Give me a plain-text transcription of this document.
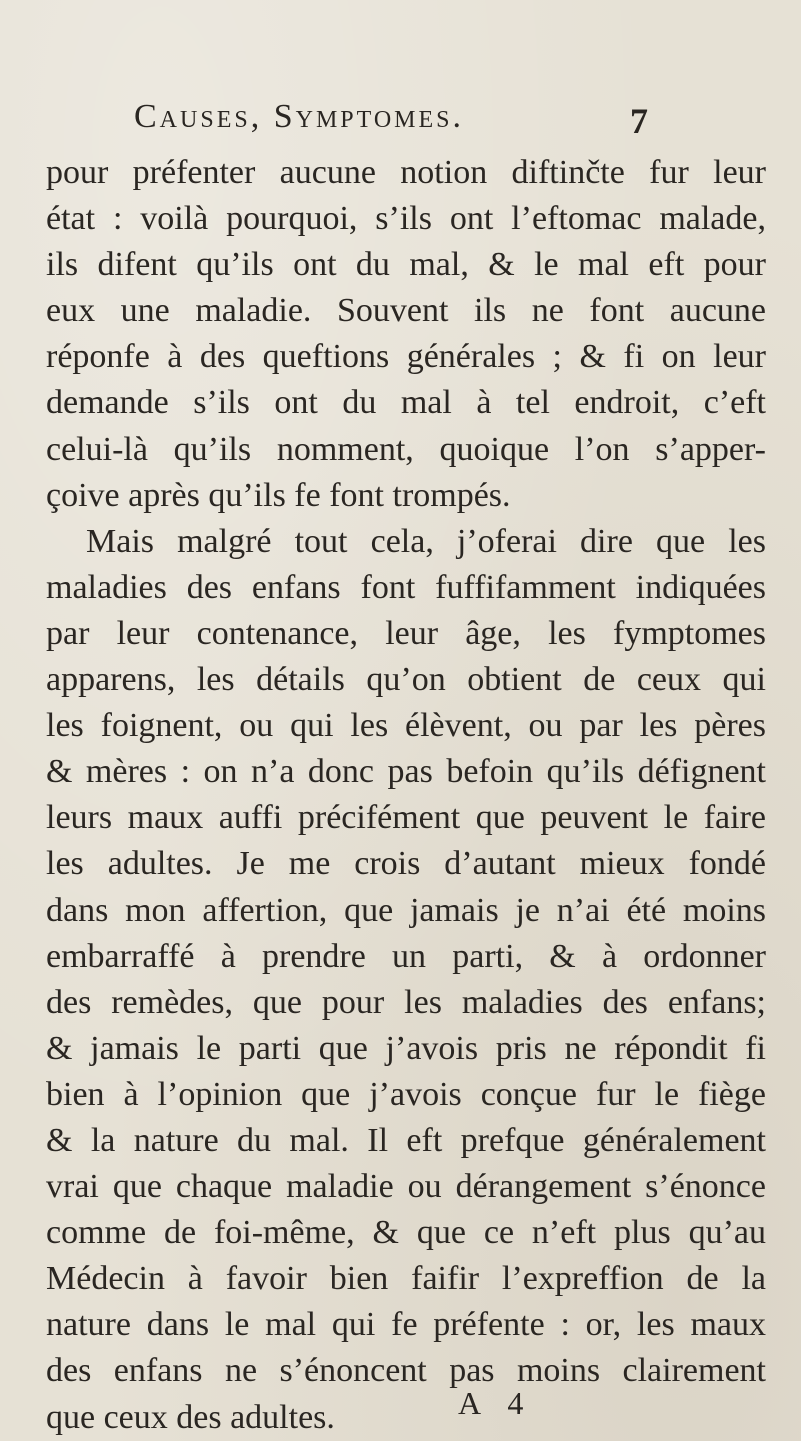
Causes, Symptomes.	7
pour préfenter aucune notion diftinčte fur leur
état : voilà pourquoi, s’ils ont l’eftomac malade,
ils difent qu’ils ont du mal, & le mal eft pour
eux une maladie. Souvent ils ne font aucune
réponfe à des queftions générales ; & fi on leur
demande s’ils ont du mal à tel endroit, c’eft
celui-là qu’ils nomment, quoique l’on s’apper-
çoive après qu’ils fe font trompés.
Mais malgré tout cela, j’oferai dire que les
maladies des enfans font fuffifamment indiquées
par leur contenance, leur âge, les fymptomes
apparens, les détails qu’on obtient de ceux qui
les foignent, ou qui les élèvent, ou par les pères
& mères : on n’a donc pas befoin qu’ils défignent
leurs maux auffi précifément que peuvent le faire
les adultes. Je me crois d’autant mieux fondé
dans mon affertion, que jamais je n’ai été moins
embarraffé à prendre un parti, & à ordonner
des remèdes, que pour les maladies des enfans;
& jamais le parti que j’avois pris ne répondit fi
bien à l’opinion que j’avois conçue fur le fiège
& la nature du mal. Il eft prefque généralement
vrai que chaque maladie ou dérangement s’énonce
comme de foi-même, & que ce n’eft plus qu’au
Médecin à favoir bien faifir l’expreffion de la
nature dans le mal qui fe préfente : or, les maux
des enfans ne s’énoncent pas moins clairement
que ceux des adultes.	A 4
